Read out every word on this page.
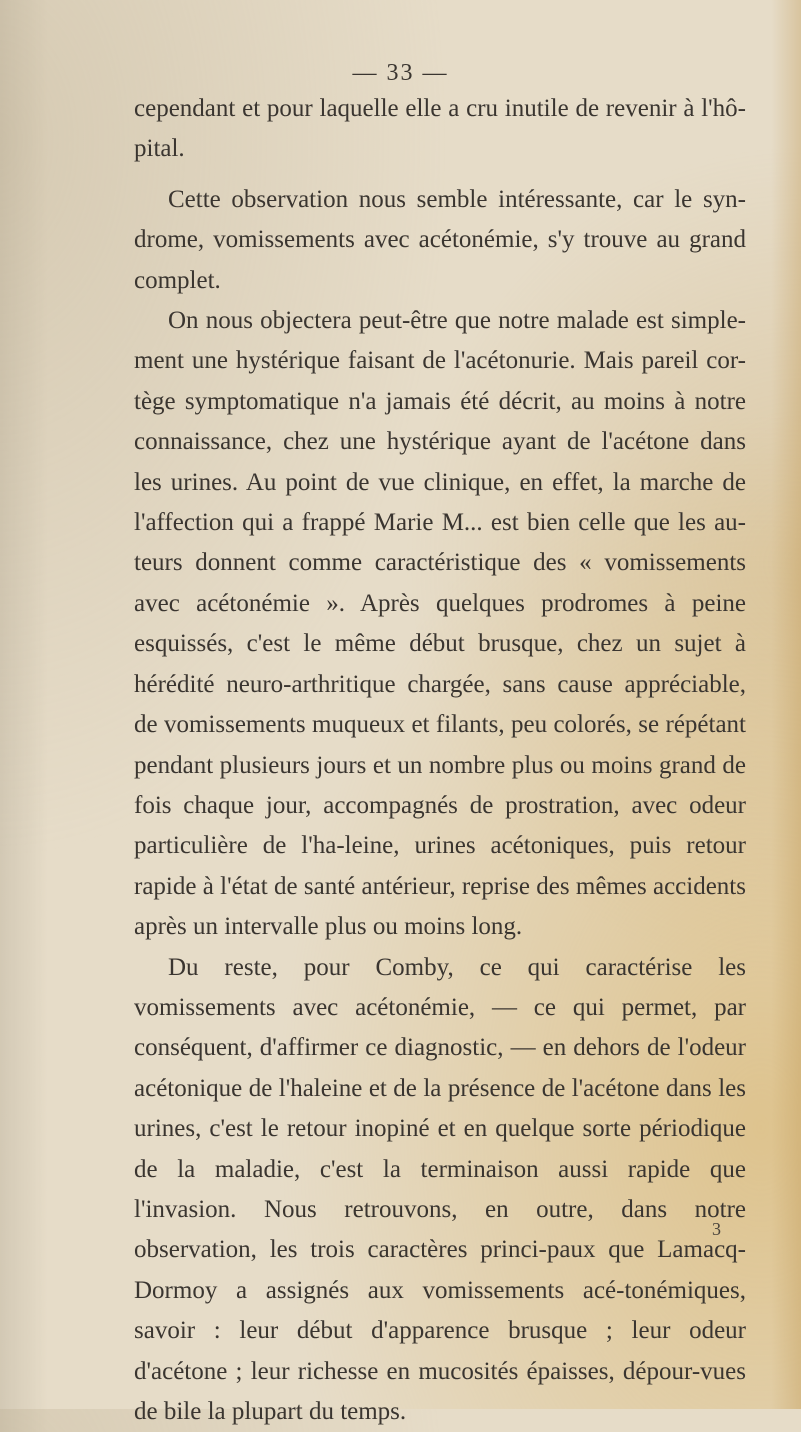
— 33 —

cependant et pour laquelle elle a cru inutile de revenir à l'hô-pital.

Cette observation nous semble intéressante, car le syn-drome, vomissements avec acétonémie, s'y trouve au grand complet.

On nous objectera peut-être que notre malade est simple-ment une hystérique faisant de l'acétonurie. Mais pareil cor-tège symptomatique n'a jamais été décrit, au moins à notre connaissance, chez une hystérique ayant de l'acétone dans les urines. Au point de vue clinique, en effet, la marche de l'affection qui a frappé Marie M... est bien celle que les au-teurs donnent comme caractéristique des « vomissements avec acétonémie ». Après quelques prodromes à peine esquissés, c'est le même début brusque, chez un sujet à hérédité neuro-arthritique chargée, sans cause appréciable, de vomissements muqueux et filants, peu colorés, se répétant pendant plusieurs jours et un nombre plus ou moins grand de fois chaque jour, accompagnés de prostration, avec odeur particulière de l'ha-leine, urines acétoniques, puis retour rapide à l'état de santé antérieur, reprise des mêmes accidents après un intervalle plus ou moins long.

Du reste, pour Comby, ce qui caractérise les vomissements avec acétonémie, — ce qui permet, par conséquent, d'affirmer ce diagnostic, — en dehors de l'odeur acétonique de l'haleine et de la présence de l'acétone dans les urines, c'est le retour inopiné et en quelque sorte périodique de la maladie, c'est la terminaison aussi rapide que l'invasion. Nous retrouvons, en outre, dans notre observation, les trois caractères princi-paux que Lamacq-Dormoy a assignés aux vomissements acé-tonémiques, savoir : leur début d'apparence brusque ; leur odeur d'acétone ; leur richesse en mucosités épaisses, dépour-vues de bile la plupart du temps.

3
